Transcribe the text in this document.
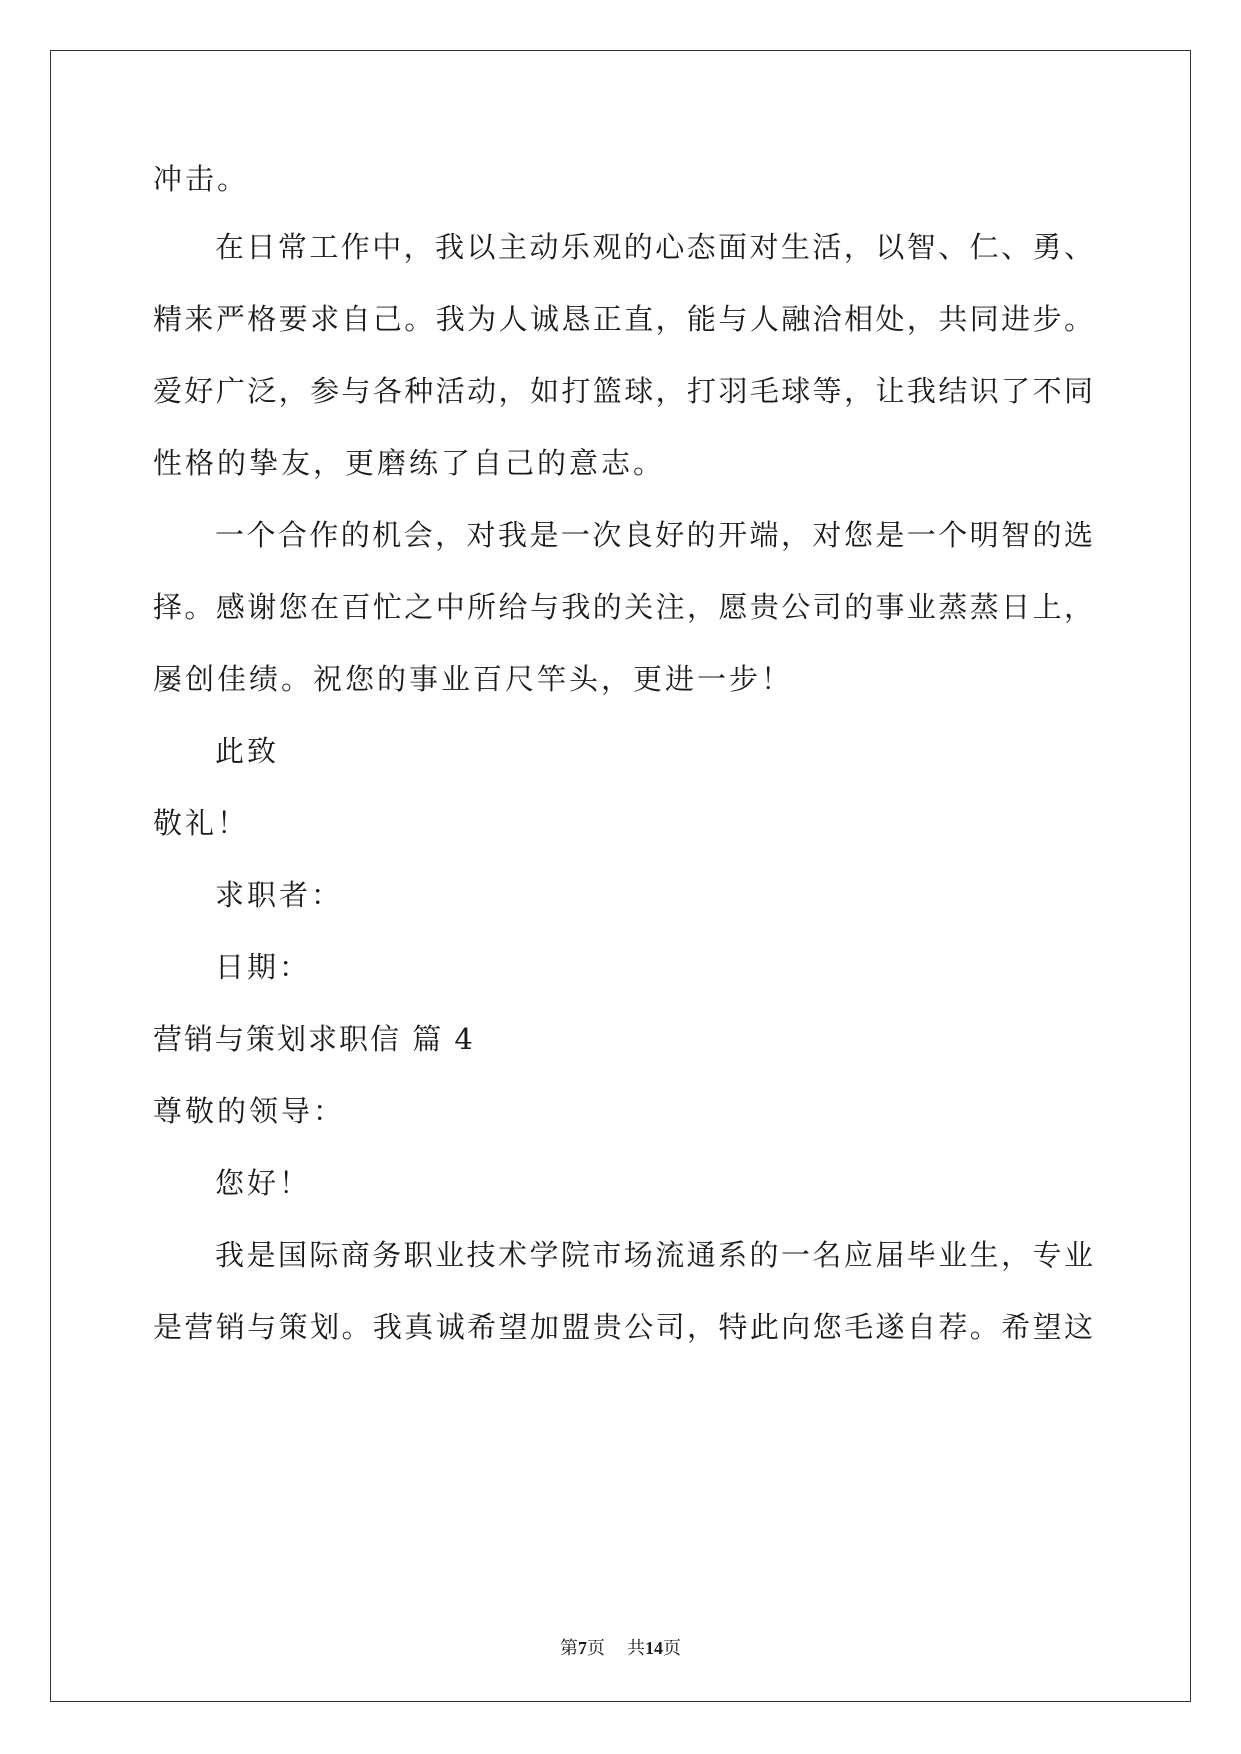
冲击。
在日常工作中，我以主动乐观的心态面对生活，以智、仁、勇、
精来严格要求自己。我为人诚恳正直，能与人融洽相处，共同进步。
爱好广泛，参与各种活动，如打篮球，打羽毛球等，让我结识了不同
性格的挚友，更磨练了自己的意志。
一个合作的机会，对我是一次良好的开端，对您是一个明智的选
择。感谢您在百忙之中所给与我的关注，愿贵公司的事业蒸蒸日上，
屡创佳绩。祝您的事业百尺竿头，更进一步！
此致
敬礼！
求职者：
日期：
营销与策划求职信 篇 4
尊敬的领导：
您好！
我是国际商务职业技术学院市场流通系的一名应届毕业生，专业
是营销与策划。我真诚希望加盟贵公司，特此向您毛遂自荐。希望这
第7页 共14页
